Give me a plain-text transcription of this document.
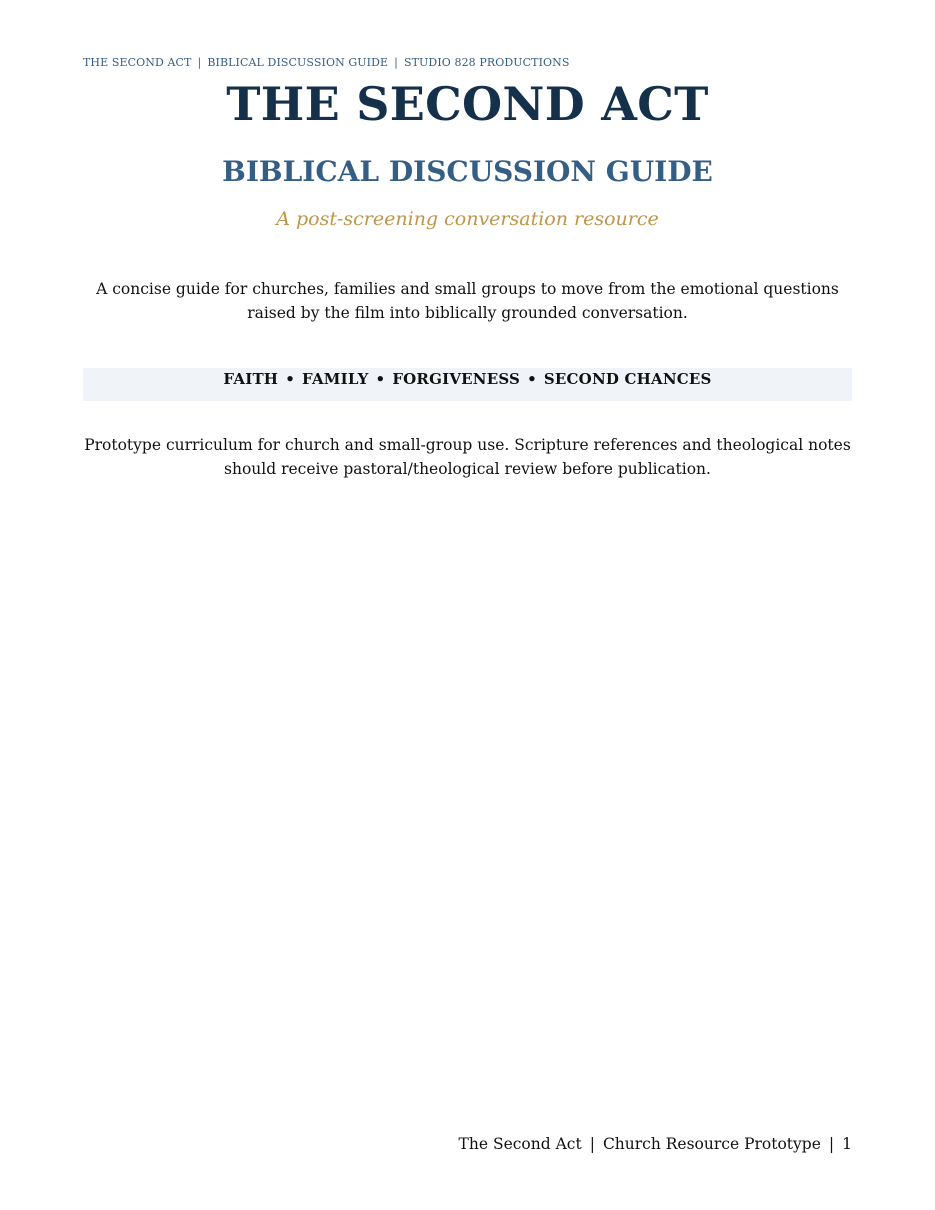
THE SECOND ACT | BIBLICAL DISCUSSION GUIDE | STUDIO 828 PRODUCTIONS
THE SECOND ACT
BIBLICAL DISCUSSION GUIDE
A post-screening conversation resource

A concise guide for churches, families and small groups to move from the emotional questions raised by the film into biblically grounded conversation.

FAITH • FAMILY • FORGIVENESS • SECOND CHANCES

Prototype curriculum for church and small-group use. Scripture references and theological notes should receive pastoral/theological review before publication.

The Second Act | Church Resource Prototype | 1
